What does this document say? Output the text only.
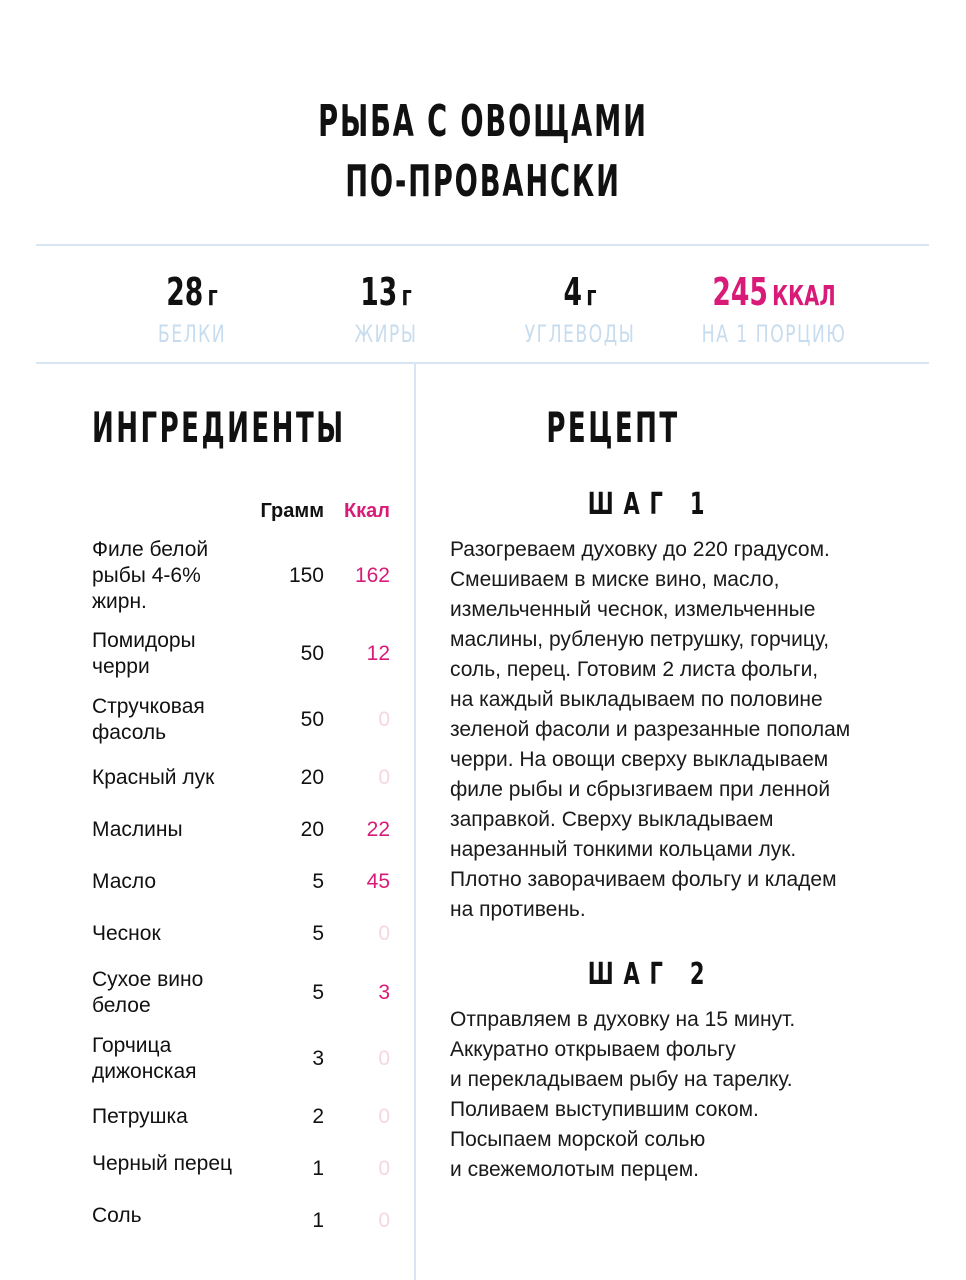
РЫБА С ОВОЩАМИ
ПО-ПРОВАНСКИ
28 г
БЕЛКИ
13 г
ЖИРЫ
4 г
УГЛЕВОДЫ
245 ККАЛ
НА 1 ПОРЦИЮ
ИНГРЕДИЕНТЫ	РЕЦЕПТ
Грамм Ккал
Филе белой рыбы 4-6% жирн.
150	162
Помидоры черри
50	12
Стручковая фасоль
50	0
Красный лук	20	0
Маслины	20	22
Масло	5	45
Чеснок	5	0
Сухое вино белое
5	3
Горчица дижонская
3	0
Петрушка	2	0
Черный перец	1	0
Соль	1	0
ШАГ 1
Разогреваем духовку до 220 градусом.
Смешиваем в миске вино, масло,
измельченный чеснок, измельченные
маслины, рубленую петрушку, горчицу,
соль, перец. Готовим 2 листа фольги,
на каждый выкладываем по половине
зеленой фасоли и разрезанные пополам
черри. На овощи сверху выкладываем
филе рыбы и сбрызгиваем при ленной
заправкой. Сверху выкладываем
нарезанный тонкими кольцами лук.
Плотно заворачиваем фольгу и кладем
на противень.
ШАГ 2
Отправляем в духовку на 15 минут.
Аккуратно открываем фольгу
и перекладываем рыбу на тарелку.
Поливаем выступившим соком.
Посыпаем морской солью
и свежемолотым перцем.
